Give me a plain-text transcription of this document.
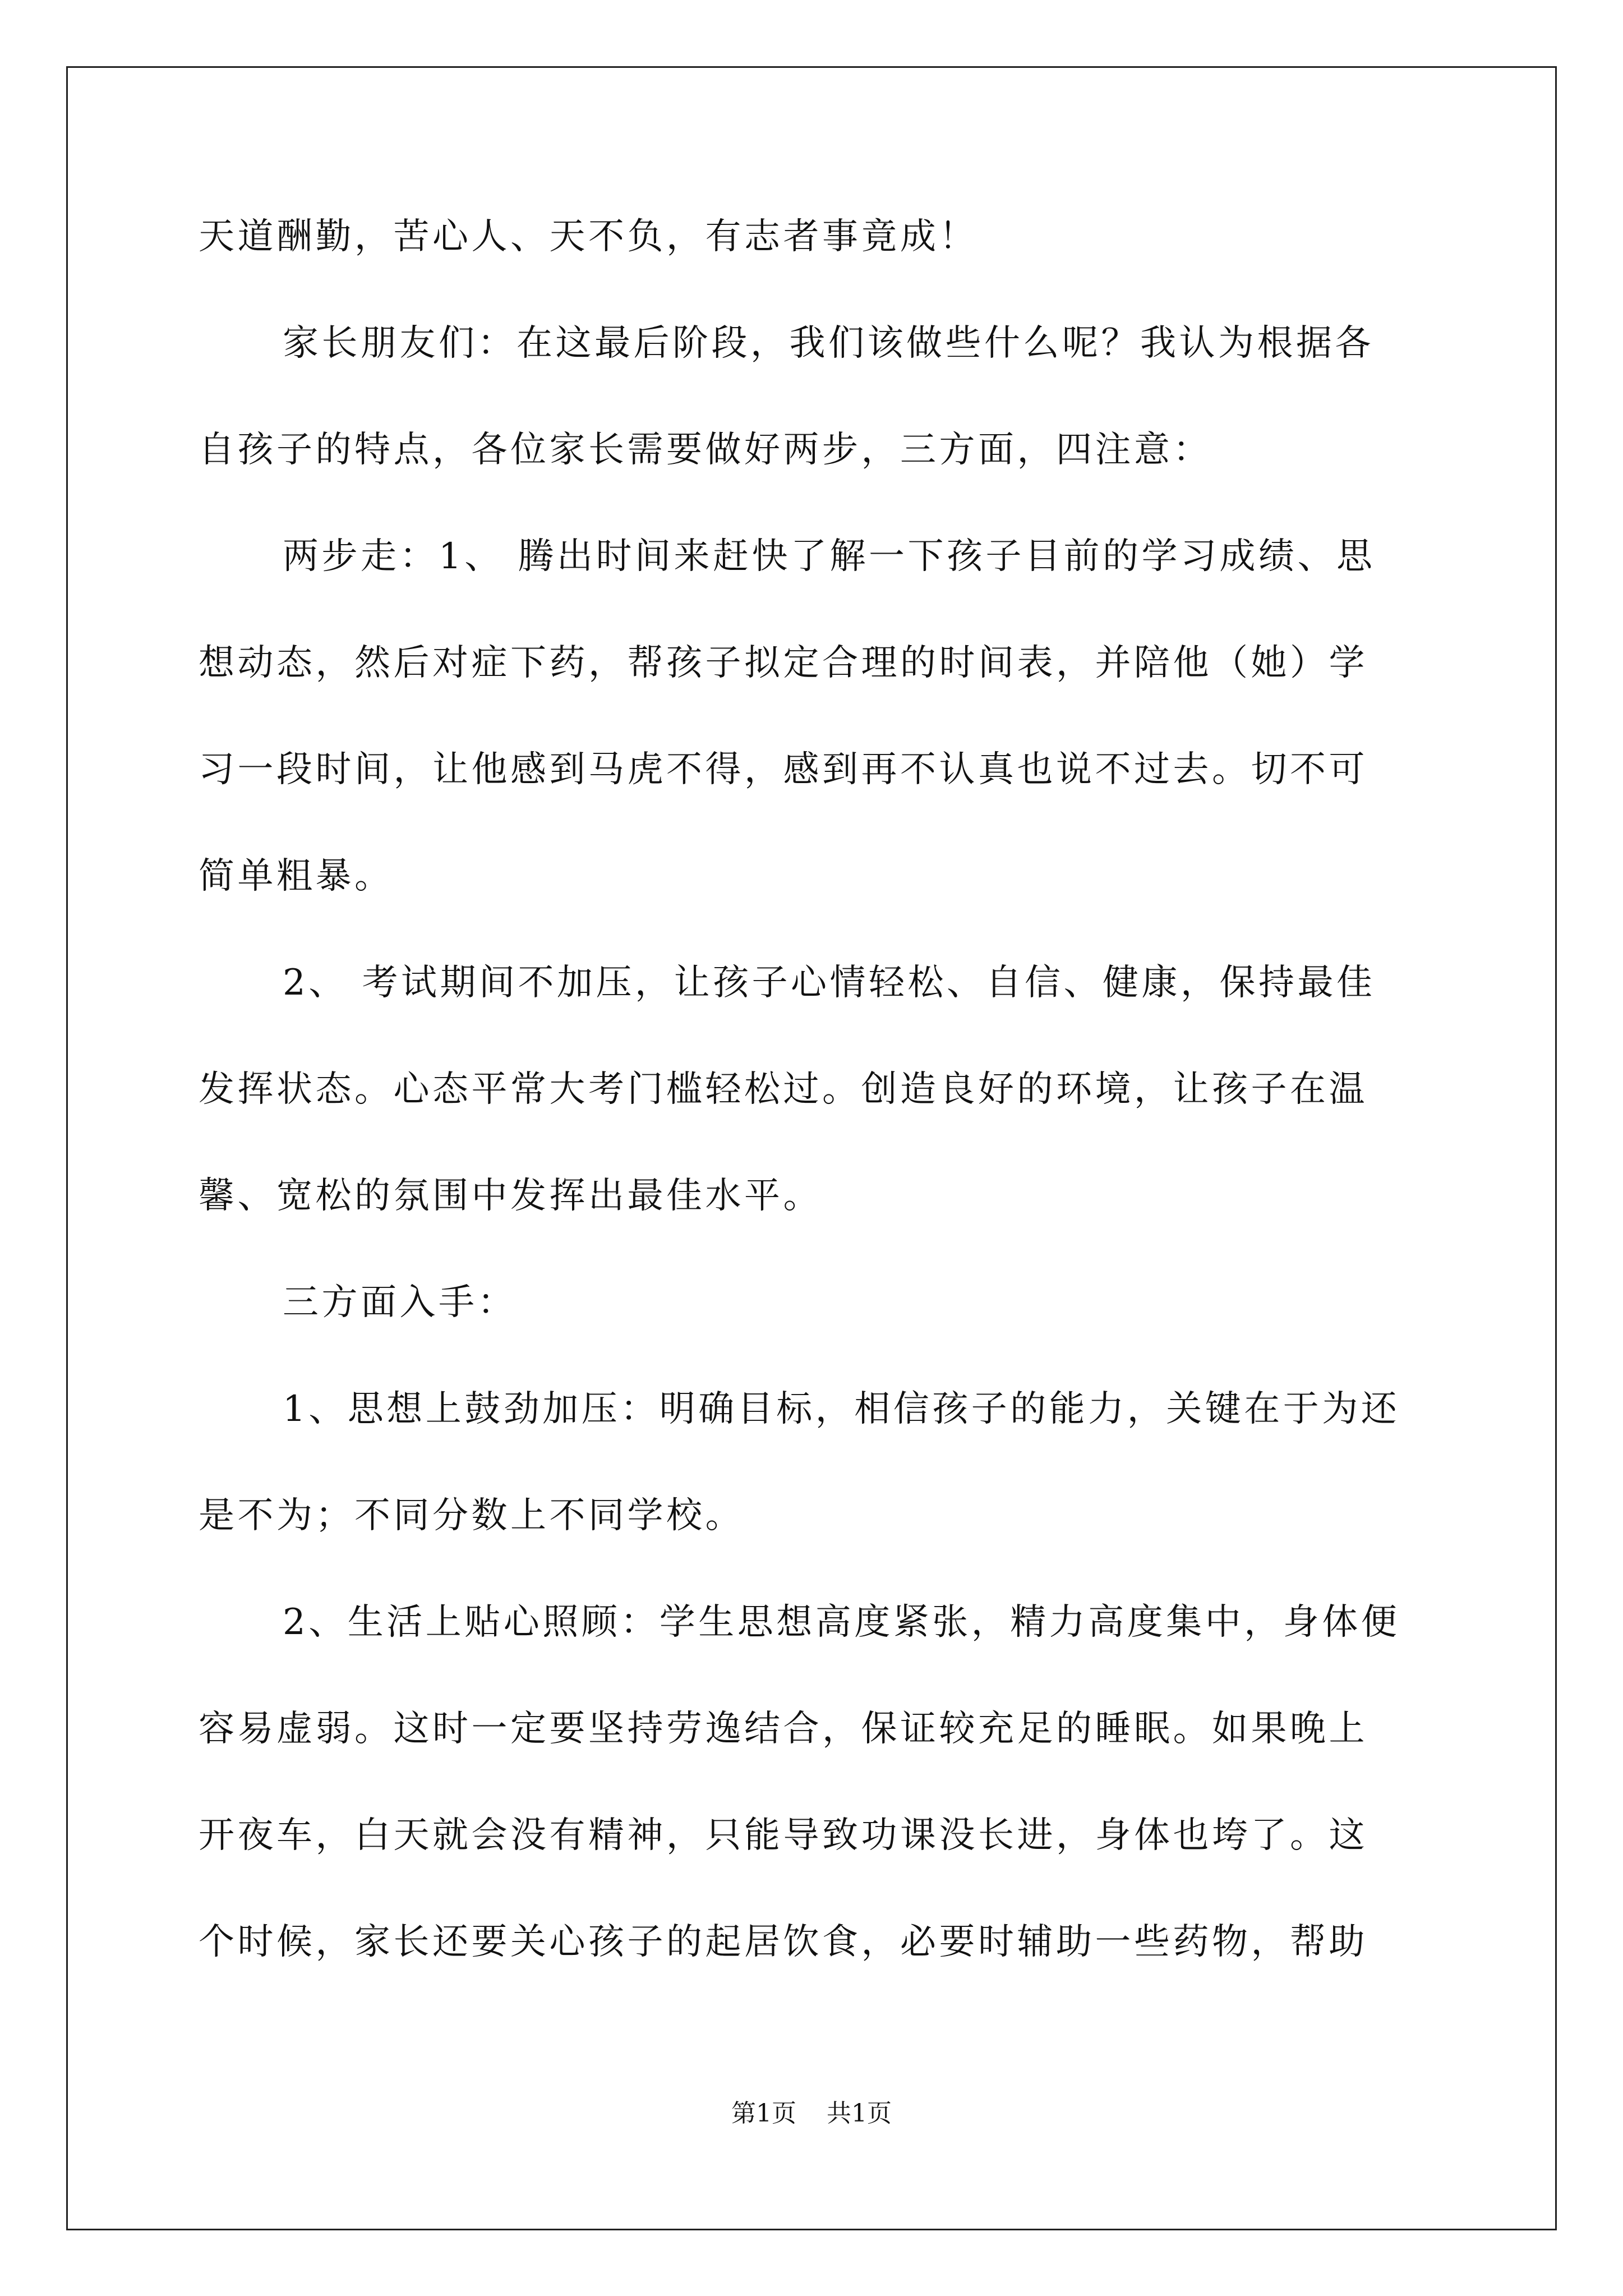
天道酬勤，苦心人、天不负，有志者事竟成！
家长朋友们：在这最后阶段，我们该做些什么呢？我认为根据各
自孩子的特点，各位家长需要做好两步，三方面，四注意：
两步走：1、 腾出时间来赶快了解一下孩子目前的学习成绩、思
想动态，然后对症下药，帮孩子拟定合理的时间表，并陪他（她）学
习一段时间，让他感到马虎不得，感到再不认真也说不过去。切不可
简单粗暴。
2、 考试期间不加压，让孩子心情轻松、自信、健康，保持最佳
发挥状态。心态平常大考门槛轻松过。创造良好的环境，让孩子在温
馨、宽松的氛围中发挥出最佳水平。
三方面入手：
1、思想上鼓劲加压：明确目标，相信孩子的能力，关键在于为还
是不为；不同分数上不同学校。
2、生活上贴心照顾：学生思想高度紧张，精力高度集中，身体便
容易虚弱。这时一定要坚持劳逸结合，保证较充足的睡眠。如果晚上
开夜车，白天就会没有精神，只能导致功课没长进，身体也垮了。这
个时候，家长还要关心孩子的起居饮食，必要时辅助一些药物，帮助
第1页 共1页
